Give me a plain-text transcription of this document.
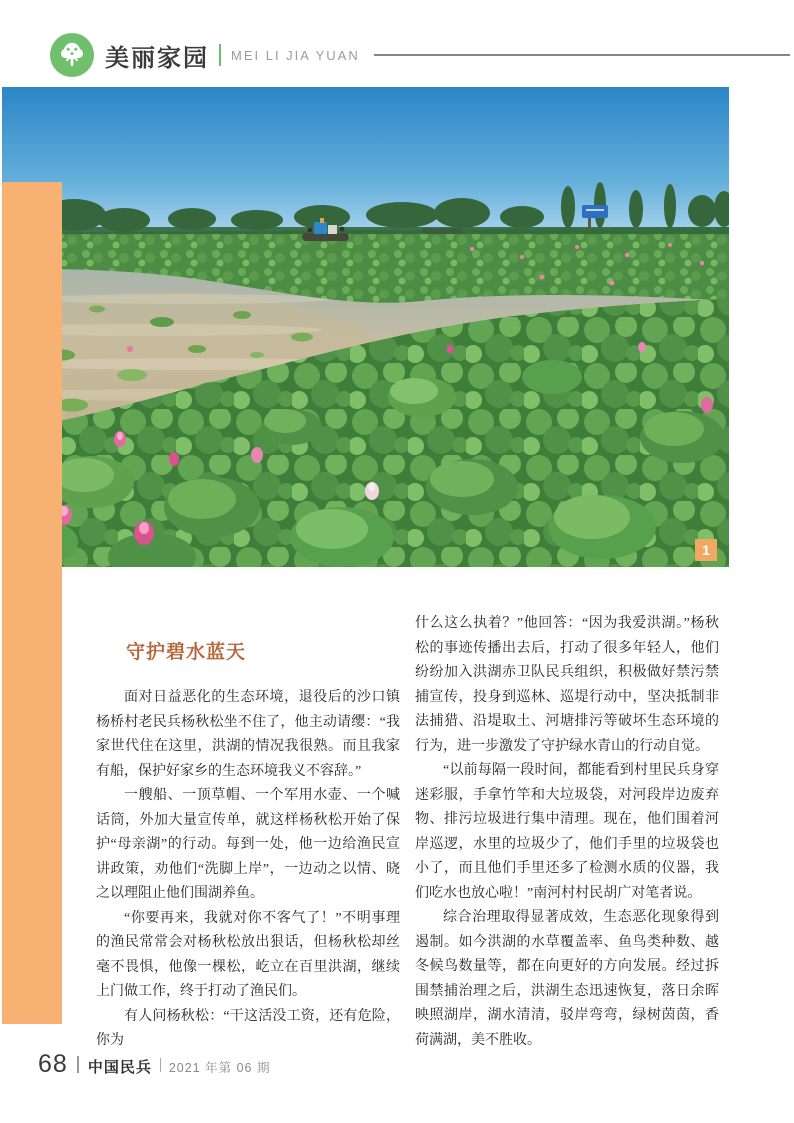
美丽家园 MEI LI JIA YUAN
1
守护碧水蓝天

面对日益恶化的生态环境，退役后的沙口镇杨桥村老民兵杨秋松坐不住了，他主动请缨：“我家世代住在这里，洪湖的情况我很熟。而且我家有船，保护好家乡的生态环境我义不容辞。”

一艘船、一顶草帽、一个军用水壶、一个喊话筒，外加大量宣传单，就这样杨秋松开始了保护“母亲湖”的行动。每到一处，他一边给渔民宣讲政策，劝他们“洗脚上岸”，一边动之以情、晓之以理阻止他们围湖养鱼。

“你要再来，我就对你不客气了！”不明事理的渔民常常会对杨秋松放出狠话，但杨秋松却丝毫不畏惧，他像一棵松，屹立在百里洪湖，继续上门做工作，终于打动了渔民们。

有人问杨秋松：“干这活没工资，还有危险，你为

什么这么执着？”他回答：“因为我爱洪湖。”杨秋松的事迹传播出去后，打动了很多年轻人，他们纷纷加入洪湖赤卫队民兵组织，积极做好禁污禁捕宣传，投身到巡林、巡堤行动中，坚决抵制非法捕猎、沿堤取土、河塘排污等破坏生态环境的行为，进一步激发了守护绿水青山的行动自觉。

“以前每隔一段时间，都能看到村里民兵身穿迷彩服，手拿竹竿和大垃圾袋，对河段岸边废弃物、排污垃圾进行集中清理。现在，他们围着河岸巡逻，水里的垃圾少了，他们手里的垃圾袋也小了，而且他们手里还多了检测水质的仪器，我们吃水也放心啦！”南河村村民胡广对笔者说。

综合治理取得显著成效，生态恶化现象得到遏制。如今洪湖的水草覆盖率、鱼鸟类种数、越冬候鸟数量等，都在向更好的方向发展。经过拆围禁捕治理之后，洪湖生态迅速恢复，落日余晖映照湖岸，湖水清清，驳岸弯弯，绿树茵茵，香荷满湖，美不胜收。

68 中国民兵 2021 年第 06 期
